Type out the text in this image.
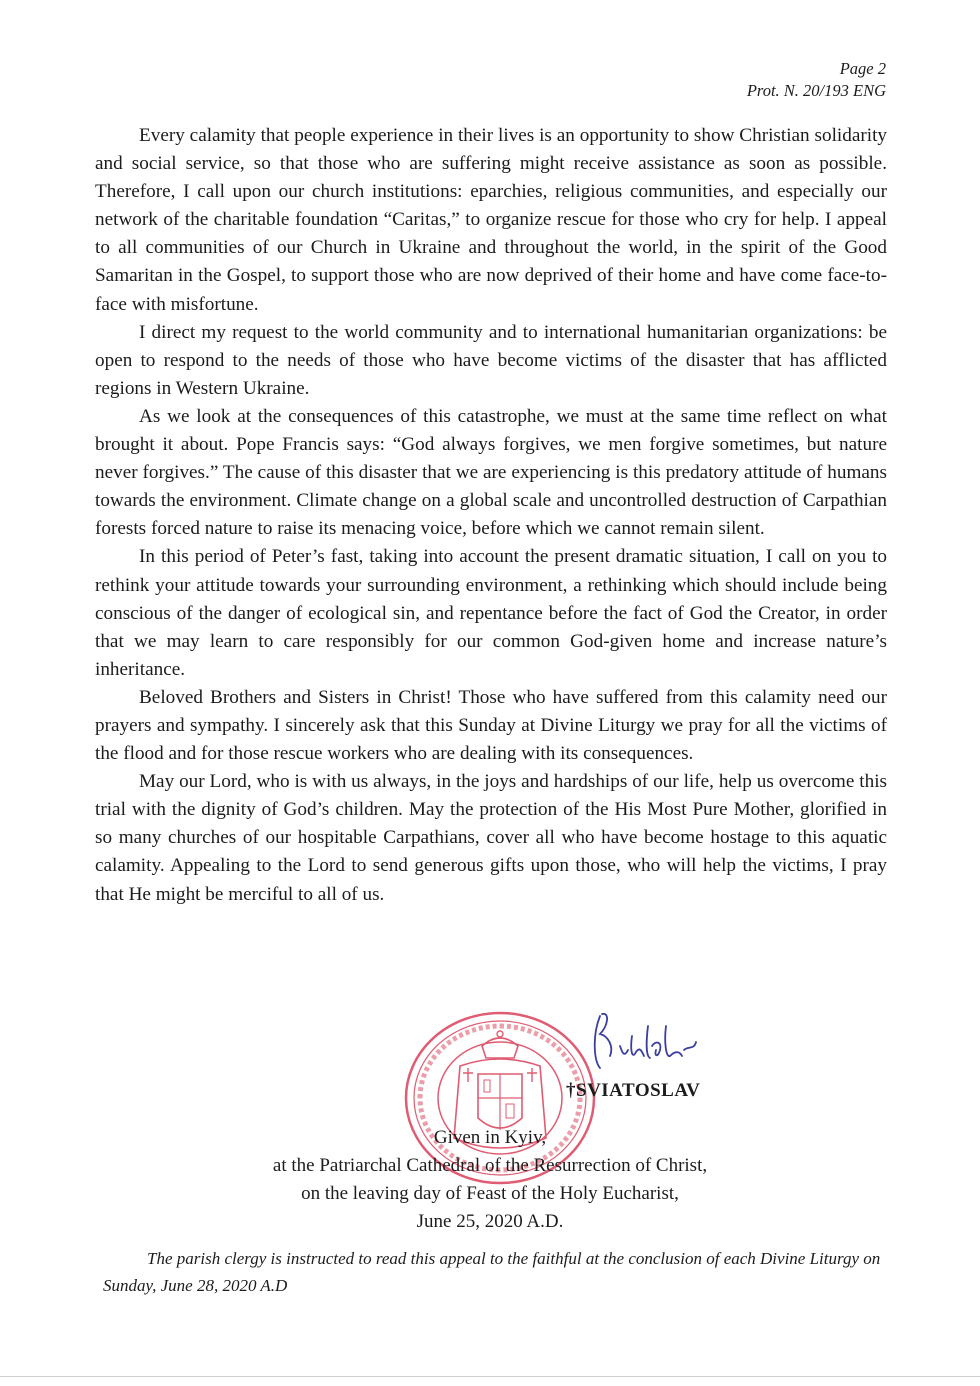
Page 2
Prot. N. 20/193 ENG

Every calamity that people experience in their lives is an opportunity to show Christian solidarity and social service, so that those who are suffering might receive assistance as soon as possible. Therefore, I call upon our church institutions: eparchies, religious communities, and especially our network of the charitable foundation “Caritas,” to organize rescue for those who cry for help. I appeal to all communities of our Church in Ukraine and throughout the world, in the spirit of the Good Samaritan in the Gospel, to support those who are now deprived of their home and have come face-to-face with misfortune.

I direct my request to the world community and to international humanitarian organizations: be open to respond to the needs of those who have become victims of the disaster that has afflicted regions in Western Ukraine.

As we look at the consequences of this catastrophe, we must at the same time reflect on what brought it about. Pope Francis says: “God always forgives, we men forgive sometimes, but nature never forgives.” The cause of this disaster that we are experiencing is this predatory attitude of humans towards the environment. Climate change on a global scale and uncontrolled destruction of Carpathian forests forced nature to raise its menacing voice, before which we cannot remain silent.

In this period of Peter’s fast, taking into account the present dramatic situation, I call on you to rethink your attitude towards your surrounding environment, a rethinking which should include being conscious of the danger of ecological sin, and repentance before the fact of God the Creator, in order that we may learn to care responsibly for our common God-given home and increase nature’s inheritance.

Beloved Brothers and Sisters in Christ! Those who have suffered from this calamity need our prayers and sympathy. I sincerely ask that this Sunday at Divine Liturgy we pray for all the victims of the flood and for those rescue workers who are dealing with its consequences.

May our Lord, who is with us always, in the joys and hardships of our life, help us overcome this trial with the dignity of God’s children. May the protection of the His Most Pure Mother, glorified in so many churches of our hospitable Carpathians, cover all who have become hostage to this aquatic calamity. Appealing to the Lord to send generous gifts upon those, who will help the victims, I pray that He might be merciful to all of us.

†SVIATOSLAV
Given in Kyiv,
at the Patriarchal Cathedral of the Resurrection of Christ,
on the leaving day of Feast of the Holy Eucharist,
June 25, 2020 A.D.
The parish clergy is instructed to read this appeal to the faithful at the conclusion of each Divine Liturgy on Sunday, June 28, 2020 A.D
